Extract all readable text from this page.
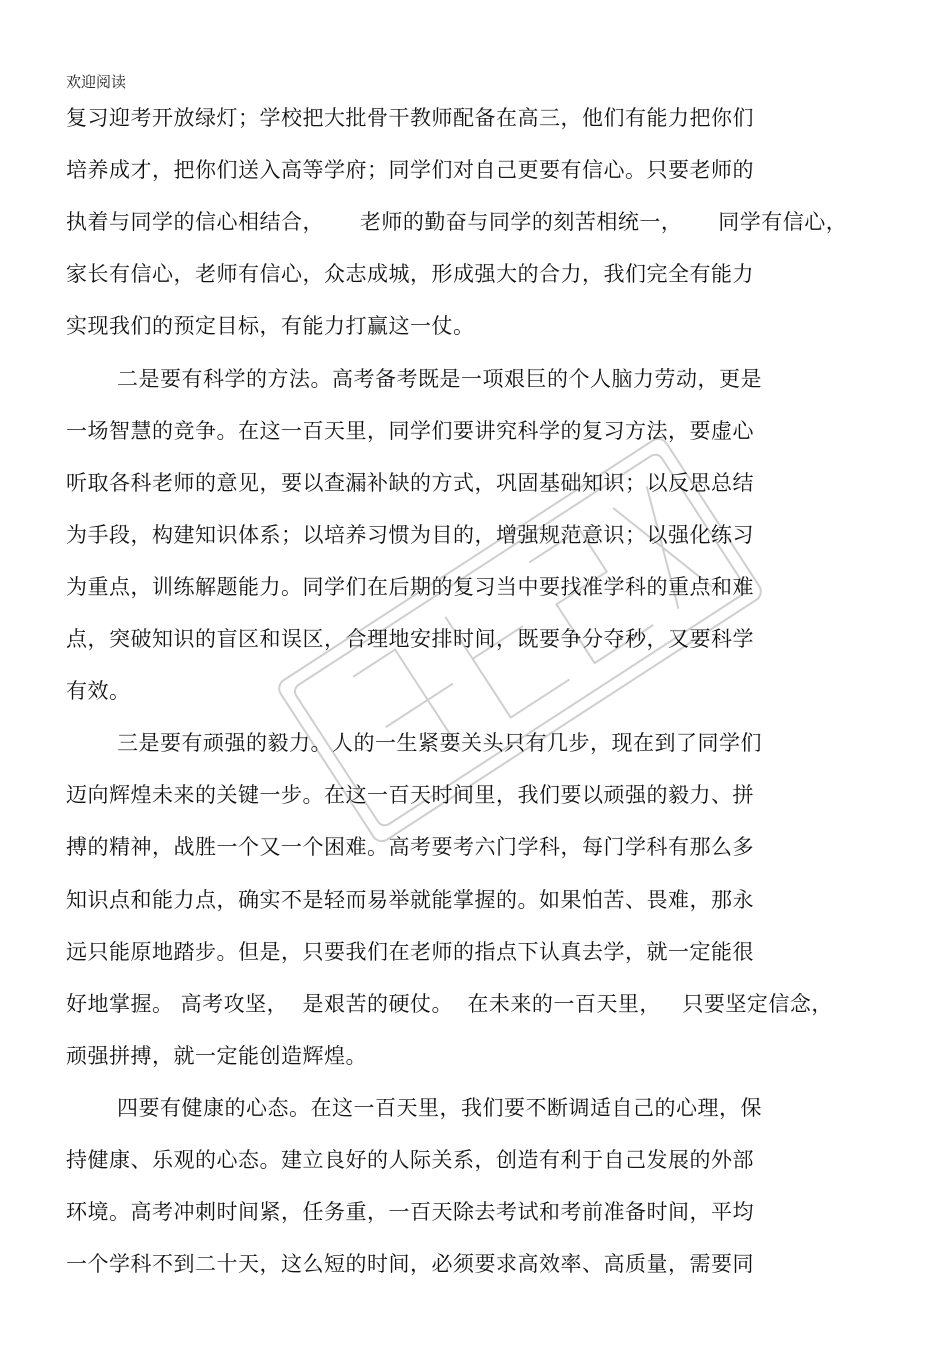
欢迎阅读
复习迎考开放绿灯；学校把大批骨干教师配备在高三，他们有能力把你们
培养成才，把你们送入高等学府；同学们对自己更要有信心。只要老师的
执着与同学的信心相结合，     老师的勤奋与同学的刻苦相统一，     同学有信心，
家长有信心，老师有信心，众志成城，形成强大的合力，我们完全有能力
实现我们的预定目标，有能力打赢这一仗。
二是要有科学的方法。高考备考既是一项艰巨的个人脑力劳动，更是
一场智慧的竞争。在这一百天里，同学们要讲究科学的复习方法，要虚心
听取各科老师的意见，要以查漏补缺的方式，巩固基础知识；以反思总结
为手段，构建知识体系；以培养习惯为目的，增强规范意识；以强化练习
为重点，训练解题能力。同学们在后期的复习当中要找准学科的重点和难
点，突破知识的盲区和误区，合理地安排时间，既要争分夺秒，又要科学
有效。
三是要有顽强的毅力。人的一生紧要关头只有几步，现在到了同学们
迈向辉煌未来的关键一步。在这一百天时间里，我们要以顽强的毅力、拼
搏的精神，战胜一个又一个困难。高考要考六门学科，每门学科有那么多
知识点和能力点，确实不是轻而易举就能掌握的。如果怕苦、畏难，那永
远只能原地踏步。但是，只要我们在老师的指点下认真去学，就一定能很
好地掌握。 高考攻坚，  是艰苦的硬仗。  在未来的一百天里，   只要坚定信念，
顽强拼搏，就一定能创造辉煌。
四要有健康的心态。在这一百天里，我们要不断调适自己的心理，保
持健康、乐观的心态。建立良好的人际关系，创造有利于自己发展的外部
环境。高考冲刺时间紧，任务重，一百天除去考试和考前准备时间，平均
一个学科不到二十天，这么短的时间，必须要求高效率、高质量，需要同
